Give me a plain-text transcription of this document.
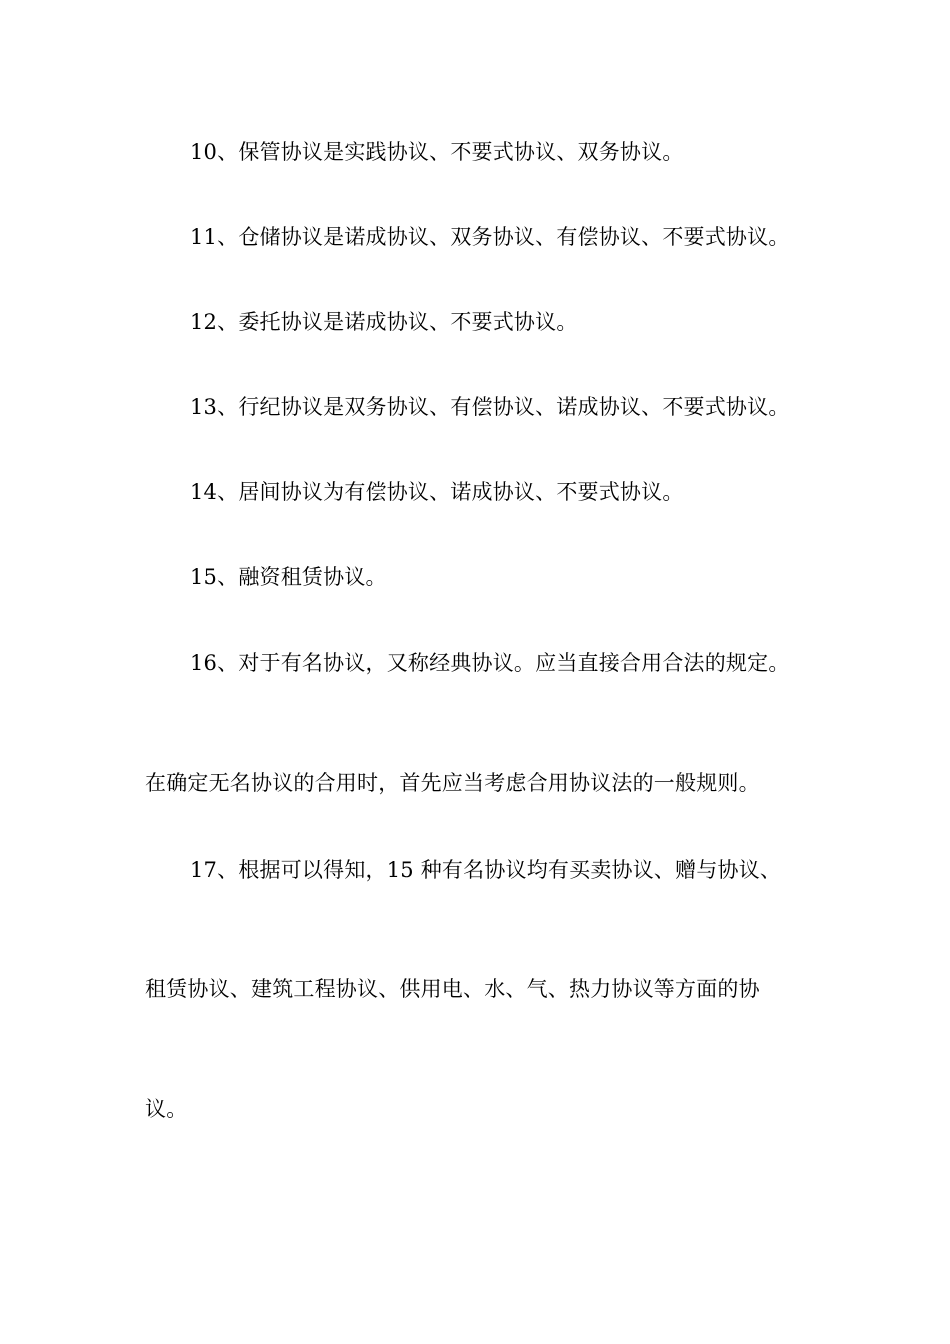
10、保管协议是实践协议、不要式协议、双务协议。
11、仓储协议是诺成协议、双务协议、有偿协议、不要式协议。
12、委托协议是诺成协议、不要式协议。
13、行纪协议是双务协议、有偿协议、诺成协议、不要式协议。
14、居间协议为有偿协议、诺成协议、不要式协议。
15、融资租赁协议。
16、对于有名协议，又称经典协议。应当直接合用合法的规定。
在确定无名协议的合用时，首先应当考虑合用协议法的一般规则。
17、根据可以得知，15 种有名协议均有买卖协议、赠与协议、
租赁协议、建筑工程协议、供用电、水、气、热力协议等方面的协
议。
